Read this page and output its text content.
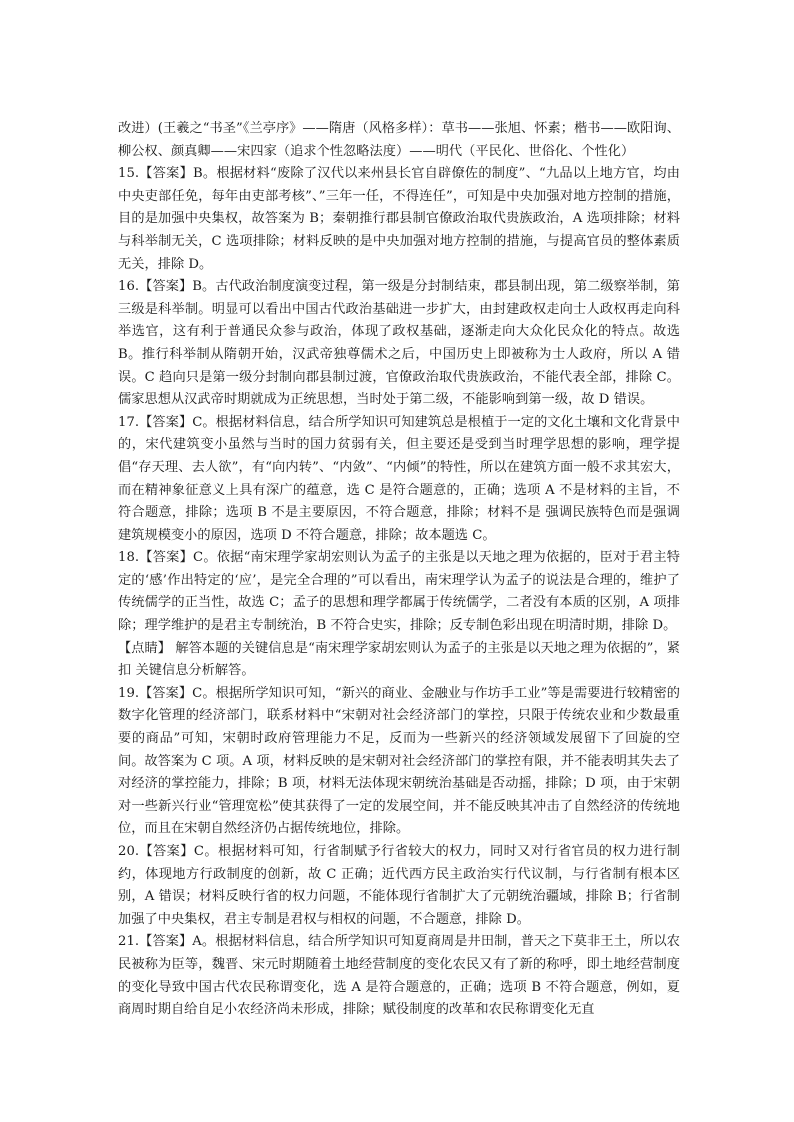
改进）(王羲之“书圣”《兰亭序》——隋唐（风格多样）：草书——张旭、怀素；楷书——欧阳询、柳公权、颜真卿——宋四家（追求个性忽略法度）——明代（平民化、世俗化、个性化）

15.【答案】B。根据材料“废除了汉代以来州县长官自辟僚佐的制度”、“九品以上地方官，均由中央吏部任免，每年由吏部考核”、”三年一任，不得连任”，可知是中央加强对地方控制的措施，目的是加强中央集权，故答案为 B；秦朝推行郡县制官僚政治取代贵族政治，A 选项排除；材料与科举制无关，C 选项排除；材料反映的是中央加强对地方控制的措施，与提高官员的整体素质无关，排除 D。

16.【答案】B。古代政治制度演变过程，第一级是分封制结束，郡县制出现，第二级察举制，第三级是科举制。明显可以看出中国古代政治基础进一步扩大，由封建政权走向士人政权再走向科举选官，这有利于普通民众参与政治，体现了政权基础，逐渐走向大众化民众化的特点。故选 B。推行科举制从隋朝开始，汉武帝独尊儒术之后，中国历史上即被称为士人政府，所以 A 错误。C 趋向只是第一级分封制向郡县制过渡，官僚政治取代贵族政治，不能代表全部，排除 C。儒家思想从汉武帝时期就成为正统思想，当时处于第二级，不能影响到第一级，故 D 错误。

17.【答案】C。根据材料信息，结合所学知识可知建筑总是根植于一定的文化土壤和文化背景中的，宋代建筑变小虽然与当时的国力贫弱有关，但主要还是受到当时理学思想的影响，理学提倡“存天理、去人欲”，有“向内转”、“内敛”、“内倾”的特性，所以在建筑方面一般不求其宏大，而在精神象征意义上具有深广的蕴意，选 C 是符合题意的，正确；选项 A 不是材料的主旨，不符合题意，排除；选项 B 不是主要原因，不符合题意，排除；材料不是 强调民族特色而是强调建筑规模变小的原因，选项 D 不符合题意，排除；故本题选 C。

18.【答案】C。依据“南宋理学家胡宏则认为孟子的主张是以天地之理为依据的，臣对于君主特定的‘感’作出特定的‘应’，是完全合理的”可以看出，南宋理学认为孟子的说法是合理的，维护了传统儒学的正当性，故选 C；孟子的思想和理学都属于传统儒学，二者没有本质的区别，A 项排除；理学维护的是君主专制统治，B 不符合史实，排除；反专制色彩出现在明清时期，排除 D。

【点睛】 解答本题的关键信息是“南宋理学家胡宏则认为孟子的主张是以天地之理为依据的”，紧扣 关键信息分析解答。

19.【答案】C。根据所学知识可知，“新兴的商业、金融业与作坊手工业”等是需要进行较精密的数字化管理的经济部门，联系材料中“宋朝对社会经济部门的掌控，只限于传统农业和少数最重要的商品”可知，宋朝时政府管理能力不足，反而为一些新兴的经济领域发展留下了回旋的空间。故答案为 C 项。A 项，材料反映的是宋朝对社会经济部门的掌控有限，并不能表明其失去了对经济的掌控能力，排除；B 项，材料无法体现宋朝统治基础是否动摇，排除；D 项，由于宋朝对一些新兴行业“管理宽松”使其获得了一定的发展空间，并不能反映其冲击了自然经济的传统地位，而且在宋朝自然经济仍占据传统地位，排除。

20.【答案】C。根据材料可知，行省制赋予行省较大的权力，同时又对行省官员的权力进行制约，体现地方行政制度的创新，故 C 正确；近代西方民主政治实行代议制，与行省制有根本区别，A 错误；材料反映行省的权力问题，不能体现行省制扩大了元朝统治疆域，排除 B；行省制加强了中央集权，君主专制是君权与相权的问题，不合题意，排除 D。

21.【答案】A。根据材料信息，结合所学知识可知夏商周是井田制，普天之下莫非王土，所以农民被称为臣等，魏晋、宋元时期随着土地经营制度的变化农民又有了新的称呼，即土地经营制度的变化导致中国古代农民称谓变化，选 A 是符合题意的，正确；选项 B 不符合题意，例如，夏商周时期自给自足小农经济尚未形成，排除；赋役制度的改革和农民称谓变化无直
